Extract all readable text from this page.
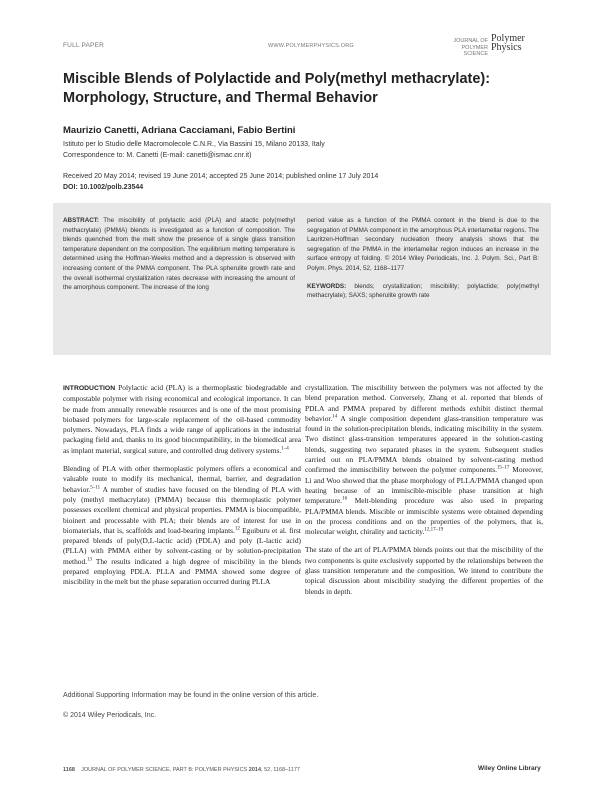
FULL PAPER	WWW.POLYMERPHYSICS.ORG
JOURNAL OF
POLYMER SCIENCE
Polymer
Physics
Miscible Blends of Polylactide and Poly(methyl methacrylate): Morphology, Structure, and Thermal Behavior
Maurizio Canetti, Adriana Cacciamani, Fabio Bertini
Istituto per lo Studio delle Macromolecole C.N.R., Via Bassini 15, Milano 20133, Italy
Correspondence to: M. Canetti (E-mail: canetti@ismac.cnr.it)
Received 20 May 2014; revised 19 June 2014; accepted 25 June 2014; published online 17 July 2014
DOI: 10.1002/polb.23544
ABSTRACT: The miscibility of polylactic acid (PLA) and atactic poly(methyl methacrylate) (PMMA) blends is investigated as a function of composition. The blends quenched from the melt show the presence of a single glass transition temperature dependent on the composition. The equilibrium melting temperature is determined using the Hoffman-Weeks method and a depression is observed with increasing content of the PMMA component. The PLA spherulite growth rate and the overall isothermal crystallization rates decrease with increasing the amount of the amorphous component. The increase of the long
period value as a function of the PMMA content in the blend is due to the segregation of PMMA component in the amorphous PLA interlamellar regions. The Lauritzen-Hoffman secondary nucleation theory analysis shows that the segregation of the PMMA in the interlamellar region induces an increase in the surface entropy of folding. © 2014 Wiley Periodicals, Inc. J. Polym. Sci., Part B: Polym. Phys. 2014, 52, 1168–1177
KEYWORDS: blends; crystallization; miscibility; polylactide; poly(methyl methacrylate); SAXS; spherulite growth rate

INTRODUCTION Polylactic acid (PLA) is a thermoplastic biodegradable and compostable polymer with rising economical and ecological importance. It can be made from annually renewable resources and is one of the most promising biobased polymers for large-scale replacement of the oil-based commodity polymers. Nowadays, PLA finds a wide range of applications in the industrial packaging field and, thanks to its good biocompatibility, in the biomedical area as implant material, surgical suture, and controlled drug delivery systems.$^{1-4}$

Blending of PLA with other thermoplastic polymers offers a economical and valuable route to modify its mechanical, thermal, barrier, and degradation behavior.$^{5-11}$ A number of studies have focused on the blending of PLA with poly (methyl methacrylate) (PMMA) because this thermoplastic polymer possesses excellent chemical and physical properties. PMMA is biocompatible, bioinert and processable with PLA; their blends are of interest for use in biomaterials, that is, scaffolds and load-bearing implants.$^{12}$ Eguiburu et al. first prepared blends of poly(D,L-lactic acid) (PDLA) and poly (L-lactic acid) (PLLA) with PMMA either by solvent-casting or by solution-precipitation method.$^{13}$ The results indicated a high degree of miscibility in the blends prepared employing PDLA. PLLA and PMMA showed some degree of miscibility in the melt but the phase separation occurred during PLLA

crystallization. The miscibility between the polymers was not affected by the blend preparation method. Conversely, Zhang et al. reported that blends of PDLA and PMMA prepared by different methods exhibit distinct thermal behavior.$^{14}$ A single composition dependent glass-transition temperature was found in the solution-precipitation blends, indicating miscibility in the system. Two distinct glass-transition temperatures appeared in the solution-casting blends, suggesting two separated phases in the system. Subsequent studies carried out on PLA/PMMA blends obtained by solvent-casting method confirmed the immiscibility between the polymer components.$^{15-17}$ Moreover, Li and Woo showed that the phase morphology of PLLA/PMMA changed upon heating because of an immiscible-miscible phase transition at high temperature.$^{16}$ Melt-blending procedure was also used in preparing PLA/PMMA blends. Miscible or immiscible systems were obtained depending on the process conditions and on the properties of the polymers, that is, molecular weight, chirality and tacticity.$^{12,17-19}$

The state of the art of PLA/PMMA blends points out that the miscibility of the two components is quite exclusively supported by the relationships between the glass transition temperature and the composition. We intend to contribute the topical discussion about miscibility studying the different properties of the blends in depth.

Additional Supporting Information may be found in the online version of this article.
© 2014 Wiley Periodicals, Inc.
1168 JOURNAL OF POLYMER SCIENCE, PART B: POLYMER PHYSICS 2014, 52, 1168–1177	Wiley Online Library
